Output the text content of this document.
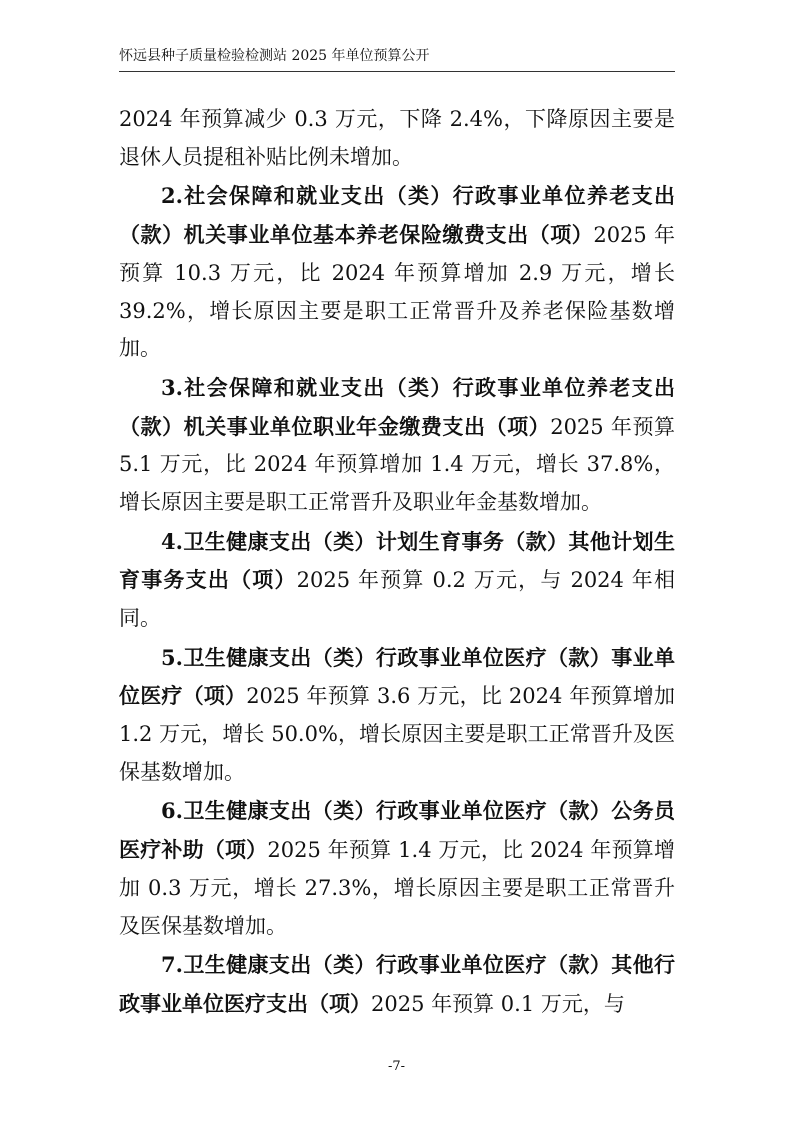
怀远县种子质量检验检测站 2025 年单位预算公开

2024 年预算减少 0.3 万元，下降 2.4%，下降原因主要是退休人员提租补贴比例未增加。

2.社会保障和就业支出（类）行政事业单位养老支出（款）机关事业单位基本养老保险缴费支出（项）2025 年预算 10.3 万元，比 2024 年预算增加 2.9 万元，增长 39.2%，增长原因主要是职工正常晋升及养老保险基数增加。

3.社会保障和就业支出（类）行政事业单位养老支出（款）机关事业单位职业年金缴费支出（项）2025 年预算 5.1 万元，比 2024 年预算增加 1.4 万元，增长 37.8%，增长原因主要是职工正常晋升及职业年金基数增加。

4.卫生健康支出（类）计划生育事务（款）其他计划生育事务支出（项）2025 年预算 0.2 万元，与 2024 年相同。

5.卫生健康支出（类）行政事业单位医疗（款）事业单位医疗（项）2025 年预算 3.6 万元，比 2024 年预算增加 1.2 万元，增长 50.0%，增长原因主要是职工正常晋升及医保基数增加。

6.卫生健康支出（类）行政事业单位医疗（款）公务员医疗补助（项）2025 年预算 1.4 万元，比 2024 年预算增加 0.3 万元，增长 27.3%，增长原因主要是职工正常晋升及医保基数增加。

7.卫生健康支出（类）行政事业单位医疗（款）其他行政事业单位医疗支出（项）2025 年预算 0.1 万元，与

-7-
